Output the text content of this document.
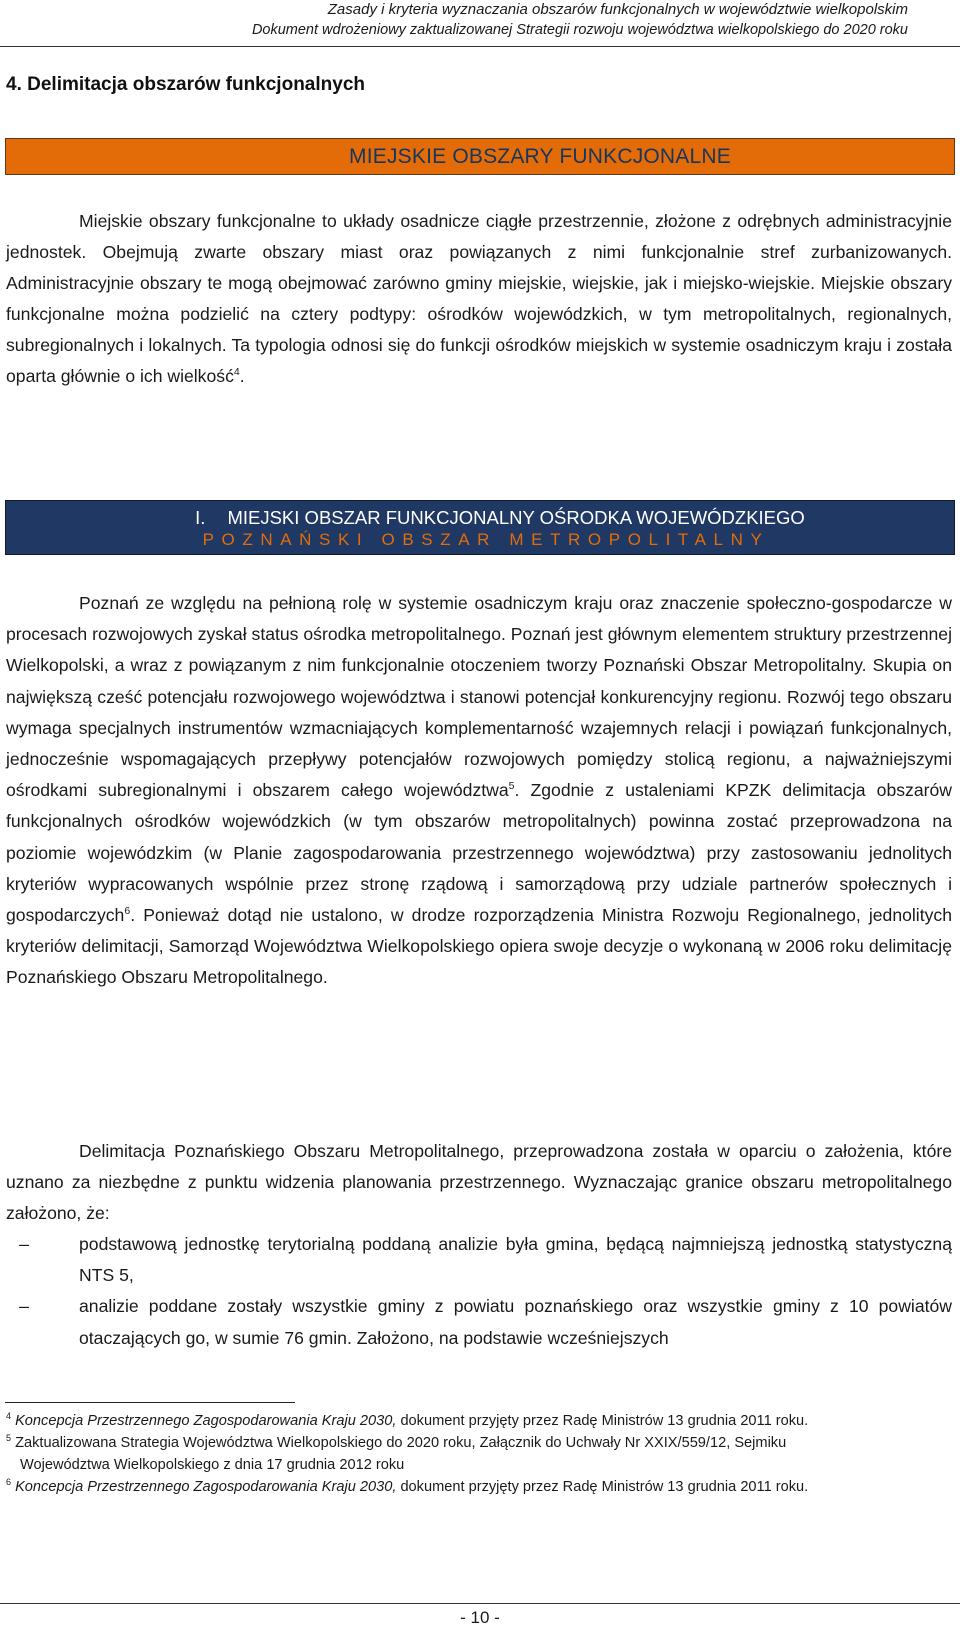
Zasady i kryteria wyznaczania obszarów funkcjonalnych w województwie wielkopolskim
Dokument wdrożeniowy zaktualizowanej Strategii rozwoju województwa wielkopolskiego do 2020 roku
4. Delimitacja obszarów funkcjonalnych
MIEJSKIE OBSZARY FUNKCJONALNE

Miejskie obszary funkcjonalne to układy osadnicze ciągłe przestrzennie, złożone z odrębnych administracyjnie jednostek. Obejmują zwarte obszary miast oraz powiązanych z nimi funkcjonalnie stref zurbanizowanych. Administracyjnie obszary te mogą obejmować zarówno gminy miejskie, wiejskie, jak i miejsko-wiejskie. Miejskie obszary funkcjonalne można podzielić na cztery podtypy: ośrodków wojewódzkich, w tym metropolitalnych, regionalnych, subregionalnych i lokalnych. Ta typologia odnosi się do funkcji ośrodków miejskich w systemie osadniczym kraju i została oparta głównie o ich wielkość$^4$.

I. MIEJSKI OBSZAR FUNKCJONALNY OŚRODKA WOJEWÓDZKIEGO
POZNAŃSKI OBSZAR METROPOLITALNY

Poznań ze względu na pełnioną rolę w systemie osadniczym kraju oraz znaczenie społeczno-gospodarcze w procesach rozwojowych zyskał status ośrodka metropolitalnego. Poznań jest głównym elementem struktury przestrzennej Wielkopolski, a wraz z powiązanym z nim funkcjonalnie otoczeniem tworzy Poznański Obszar Metropolitalny. Skupia on największą cześć potencjału rozwojowego województwa i stanowi potencjał konkurencyjny regionu. Rozwój tego obszaru wymaga specjalnych instrumentów wzmacniających komplementarność wzajemnych relacji i powiązań funkcjonalnych, jednocześnie wspomagających przepływy potencjałów rozwojowych pomiędzy stolicą regionu, a najważniejszymi ośrodkami subregionalnymi i obszarem całego województwa$^5$. Zgodnie z ustaleniami KPZK delimitacja obszarów funkcjonalnych ośrodków wojewódzkich (w tym obszarów metropolitalnych) powinna zostać przeprowadzona na poziomie wojewódzkim (w Planie zagospodarowania przestrzennego województwa) przy zastosowaniu jednolitych kryteriów wypracowanych wspólnie przez stronę rządową i samorządową przy udziale partnerów społecznych i gospodarczych$^6$. Ponieważ dotąd nie ustalono, w drodze rozporządzenia Ministra Rozwoju Regionalnego, jednolitych kryteriów delimitacji, Samorząd Województwa Wielkopolskiego opiera swoje decyzje o wykonaną w 2006 roku delimitację Poznańskiego Obszaru Metropolitalnego.

Delimitacja Poznańskiego Obszaru Metropolitalnego, przeprowadzona została w oparciu o założenia, które uznano za niezbędne z punktu widzenia planowania przestrzennego. Wyznaczając granice obszaru metropolitalnego założono, że:

–	podstawową jednostkę terytorialną poddaną analizie była gmina, będącą najmniejszą jednostką statystyczną NTS 5,
–	analizie poddane zostały wszystkie gminy z powiatu poznańskiego oraz wszystkie gminy z 10 powiatów otaczających go, w sumie 76 gmin. Założono, na podstawie wcześniejszych
$^4$ Koncepcja Przestrzennego Zagospodarowania Kraju 2030, dokument przyjęty przez Radę Ministrów 13 grudnia 2011 roku.
$^5$ Zaktualizowana Strategia Województwa Wielkopolskiego do 2020 roku, Załącznik do Uchwały Nr XXIX/559/12, Sejmiku
Województwa Wielkopolskiego z dnia 17 grudnia 2012 roku
$^6$ Koncepcja Przestrzennego Zagospodarowania Kraju 2030, dokument przyjęty przez Radę Ministrów 13 grudnia 2011 roku.
- 10 -
